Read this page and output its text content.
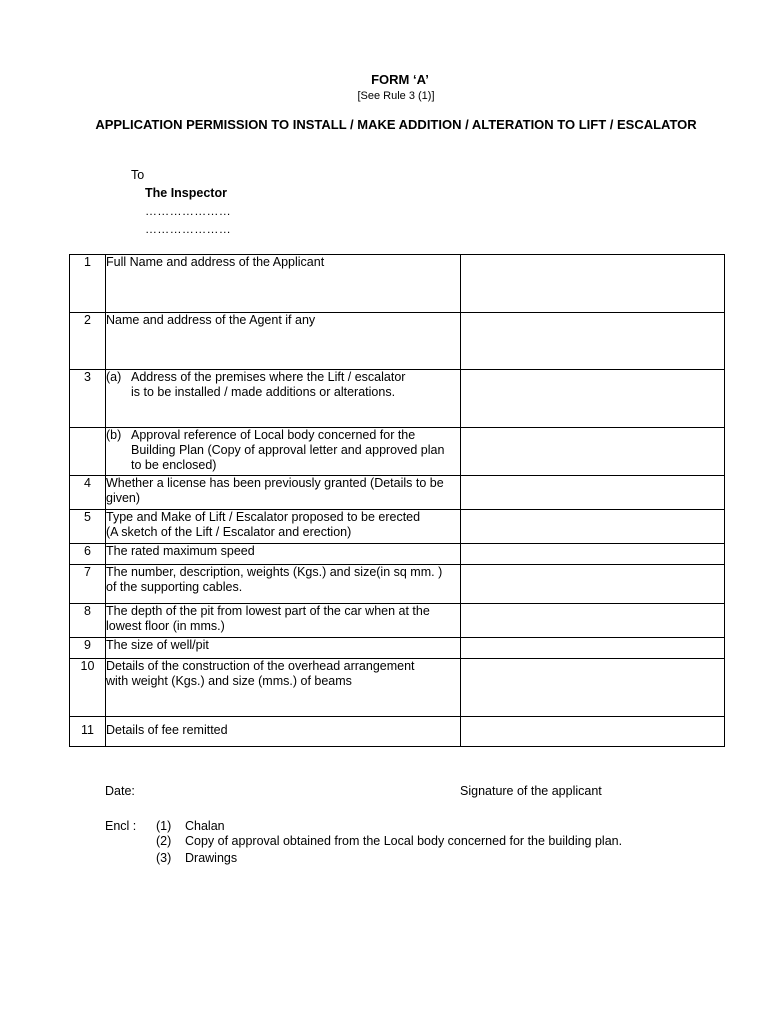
FORM ‘A’
[See Rule 3 (1)]
APPLICATION PERMISSION TO INSTALL / MAKE ADDITION / ALTERATION TO LIFT / ESCALATOR
To
The Inspector
…………………
…………………
1	Full Name and address of the Applicant	
2	Name and address of the Agent if any	
3	(a) Address of the premises where the Lift / escalator
is to be installed / made additions or alterations.	

	(b) Approval reference of Local body concerned for the
Building Plan (Copy of approval letter and approved plan
to be enclosed)	

4	Whether a license has been previously granted (Details to be
given)	
5	Type and Make of Lift / Escalator proposed to be erected
(A sketch of the Lift / Escalator and erection)	
6	The rated maximum speed	
7	The number, description, weights (Kgs.) and size(in sq mm. )
of the supporting cables.	
8	The depth of the pit from lowest part of the car when at the
lowest floor (in mms.)	
9	The size of well/pit	
10	Details of the construction of the overhead arrangement
with weight (Kgs.) and size (mms.) of beams	
11	Details of fee remitted	
Date:	Signature of the applicant
Encl : (1) Chalan
(2) Copy of approval obtained from the Local body concerned for the building plan.
(3) Drawings
